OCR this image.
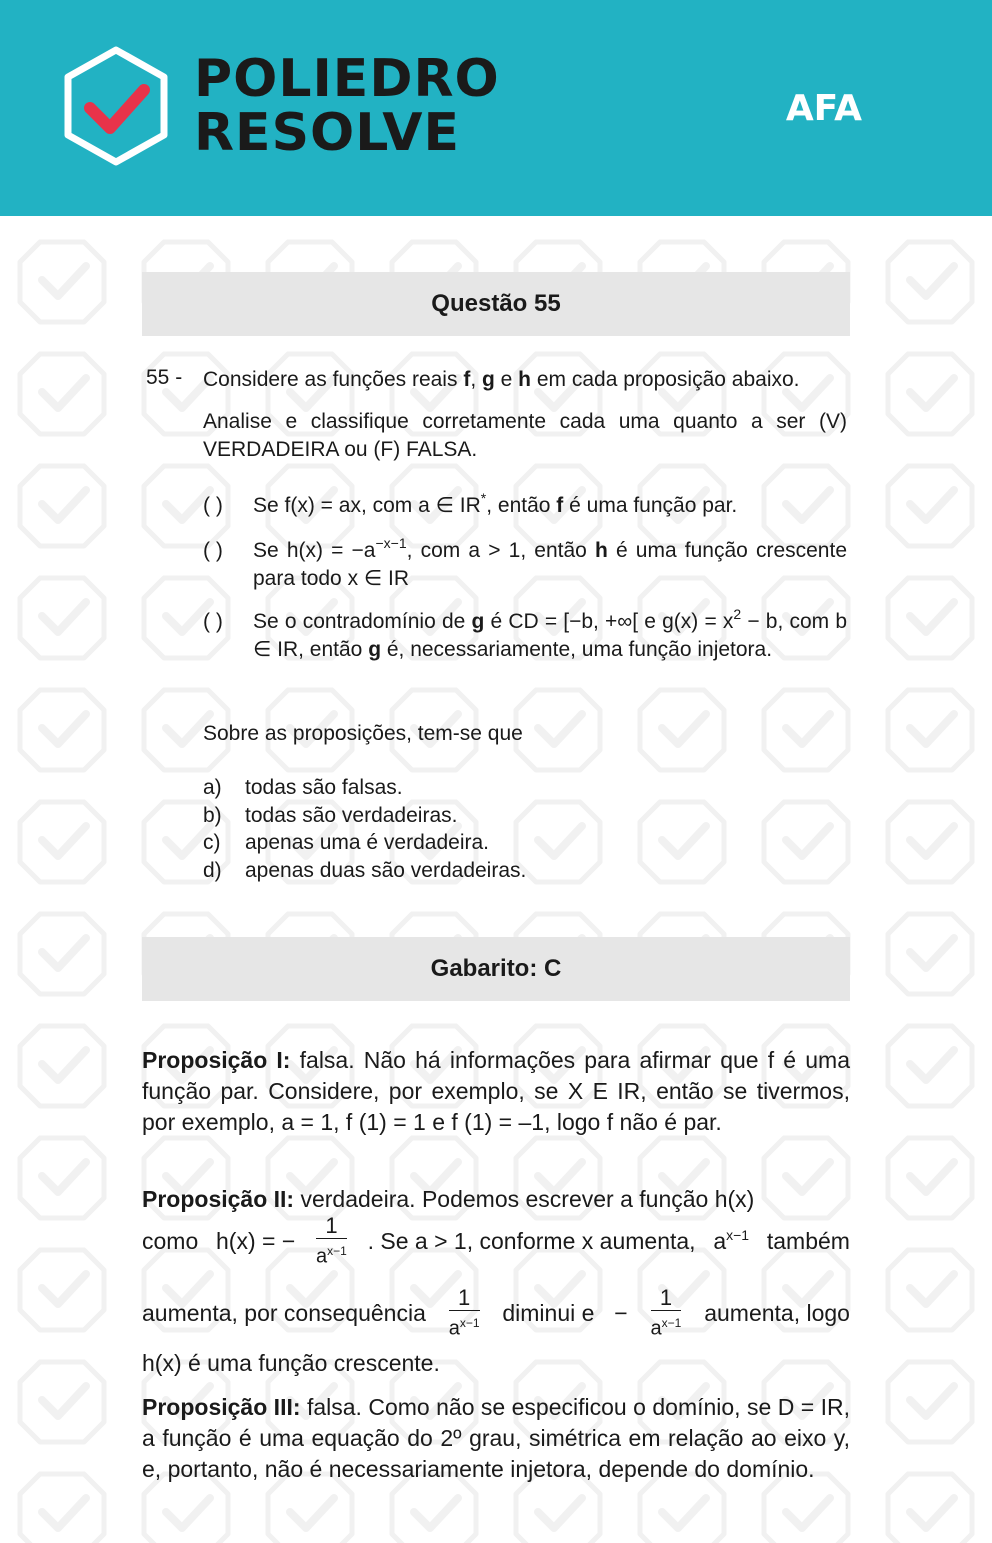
POLIEDRO
RESOLVE	AFA
Questão 55
55 - Considere as funções reais f, g e h em cada proposição abaixo.
Analise e classifique corretamente cada uma quanto a ser (V) VERDADEIRA ou (F) FALSA.
( ) Se f(x) = ax, com a ∈ IR*, então f é uma função par.
( ) Se $h(x) = -a^{-x-1}$, com a > 1, então h é uma função crescente para todo x ∈ IR
( ) Se o contradomínio de g é CD = [−b, +∞[ e $g(x) = x^2 - b$, com b ∈ IR, então g é, necessariamente, uma função injetora.
Sobre as proposições, tem-se que
a) todas são falsas.
b) todas são verdadeiras.
c) apenas uma é verdadeira.
d) apenas duas são verdadeiras.
Gabarito: C
Proposição I: falsa. Não há informações para afirmar que f é uma função par. Considere, por exemplo, se X E IR, então se tivermos, por exemplo, a = 1, f (1) = 1 e f (1) = –1, logo f não é par.
Proposição II: verdadeira. Podemos escrever a função h(x)
como h(x) = − $\frac{1}{a^{x-1}}$ . Se a > 1, conforme x aumenta, $a^{x-1}$ também
aumenta, por consequência $\frac{1}{a^{x-1}}$ diminui $e - \frac{1}{a^{x-1}}$ aumenta, logo
h(x) é uma função crescente.
Proposição III: falsa. Como não se especificou o domínio, se D = IR, a função é uma equação do 2º grau, simétrica em relação ao eixo y, e, portanto, não é necessariamente injetora, depende do domínio.
